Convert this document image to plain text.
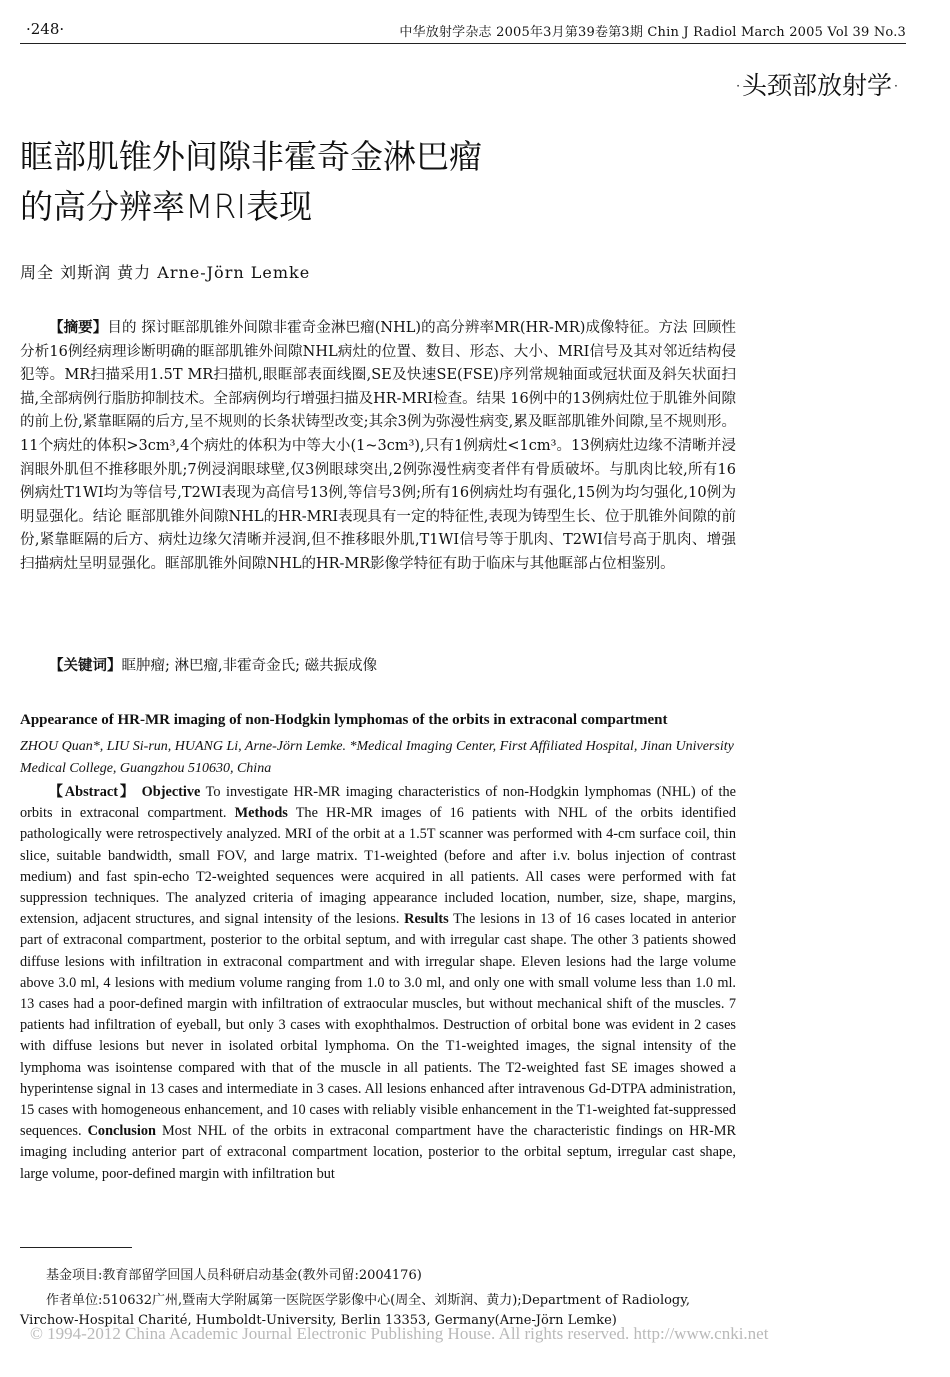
·248·	中华放射学杂志 2005年3月第39卷第3期 Chin J Radiol March 2005 Vol 39 No.3
·头颈部放射学·
眶部肌锥外间隙非霍奇金淋巴瘤
的高分辨率MRI表现
周全 刘斯润 黄力 Arne-Jörn Lemke

【摘要】目的 探讨眶部肌锥外间隙非霍奇金淋巴瘤(NHL)的高分辨率MR(HR-MR)成像特征。方法 回顾性分析16例经病理诊断明确的眶部肌锥外间隙NHL病灶的位置、数目、形态、大小、MRI信号及其对邻近结构侵犯等。MR扫描采用1.5T MR扫描机,眼眶部表面线圈,SE及快速SE(FSE)序列常规轴面或冠状面及斜矢状面扫描,全部病例行脂肪抑制技术。全部病例均行增强扫描及HR-MRI检查。结果 16例中的13例病灶位于肌锥外间隙的前上份,紧靠眶隔的后方,呈不规则的长条状铸型改变;其余3例为弥漫性病变,累及眶部肌锥外间隙,呈不规则形。11个病灶的体积>3cm³,4个病灶的体积为中等大小(1~3cm³),只有1例病灶<1cm³。13例病灶边缘不清晰并浸润眼外肌但不推移眼外肌;7例浸润眼球壁,仅3例眼球突出,2例弥漫性病变者伴有骨质破坏。与肌肉比较,所有16例病灶T1WI均为等信号,T2WI表现为高信号13例,等信号3例;所有16例病灶均有强化,15例为均匀强化,10例为明显强化。结论 眶部肌锥外间隙NHL的HR-MRI表现具有一定的特征性,表现为铸型生长、位于肌锥外间隙的前份,紧靠眶隔的后方、病灶边缘欠清晰并浸润,但不推移眼外肌,T1WI信号等于肌肉、T2WI信号高于肌肉、增强扫描病灶呈明显强化。眶部肌锥外间隙NHL的HR-MR影像学特征有助于临床与其他眶部占位相鉴别。

【关键词】眶肿瘤; 淋巴瘤,非霍奇金氏; 磁共振成像
Appearance of HR-MR imaging of non-Hodgkin lymphomas of the orbits in extraconal compartment
ZHOU Quan*, LIU Si-run, HUANG Li, Arne-Jörn Lemke. *Medical Imaging Center, First Affiliated Hospital, Jinan University Medical College, Guangzhou 510630, China

【Abstract】 Objective To investigate HR-MR imaging characteristics of non-Hodgkin lymphomas (NHL) of the orbits in extraconal compartment. Methods The HR-MR images of 16 patients with NHL of the orbits identified pathologically were retrospectively analyzed. MRI of the orbit at a 1.5T scanner was performed with 4-cm surface coil, thin slice, suitable bandwidth, small FOV, and large matrix. T1-weighted (before and after i.v. bolus injection of contrast medium) and fast spin-echo T2-weighted sequences were acquired in all patients. All cases were performed with fat suppression techniques. The analyzed criteria of imaging appearance included location, number, size, shape, margins, extension, adjacent structures, and signal intensity of the lesions. Results The lesions in 13 of 16 cases located in anterior part of extraconal compartment, posterior to the orbital septum, and with irregular cast shape. The other 3 patients showed diffuse lesions with infiltration in extraconal compartment and with irregular shape. Eleven lesions had the large volume above 3.0 ml, 4 lesions with medium volume ranging from 1.0 to 3.0 ml, and only one with small volume less than 1.0 ml. 13 cases had a poor-defined margin with infiltration of extraocular muscles, but without mechanical shift of the muscles. 7 patients had infiltration of eyeball, but only 3 cases with exophthalmos. Destruction of orbital bone was evident in 2 cases with diffuse lesions but never in isolated orbital lymphoma. On the T1-weighted images, the signal intensity of the lymphoma was isointense compared with that of the muscle in all patients. The T2-weighted fast SE images showed a hyperintense signal in 13 cases and intermediate in 3 cases. All lesions enhanced after intravenous Gd-DTPA administration, 15 cases with homogeneous enhancement, and 10 cases with reliably visible enhancement in the T1-weighted fat-suppressed sequences. Conclusion Most NHL of the orbits in extraconal compartment have the characteristic findings on HR-MR imaging including anterior part of extraconal compartment location, posterior to the orbital septum, irregular cast shape, large volume, poor-defined margin with infiltration but

基金项目:教育部留学回国人员科研启动基金(教外司留:2004176)
作者单位:510632广州,暨南大学附属第一医院医学影像中心(周全、刘斯润、黄力);Department of Radiology, Virchow-Hospital Charité, Humboldt-University, Berlin 13353, Germany(Arne-Jörn Lemke)
© 1994-2012 China Academic Journal Electronic Publishing House. All rights reserved. http://www.cnki.net
